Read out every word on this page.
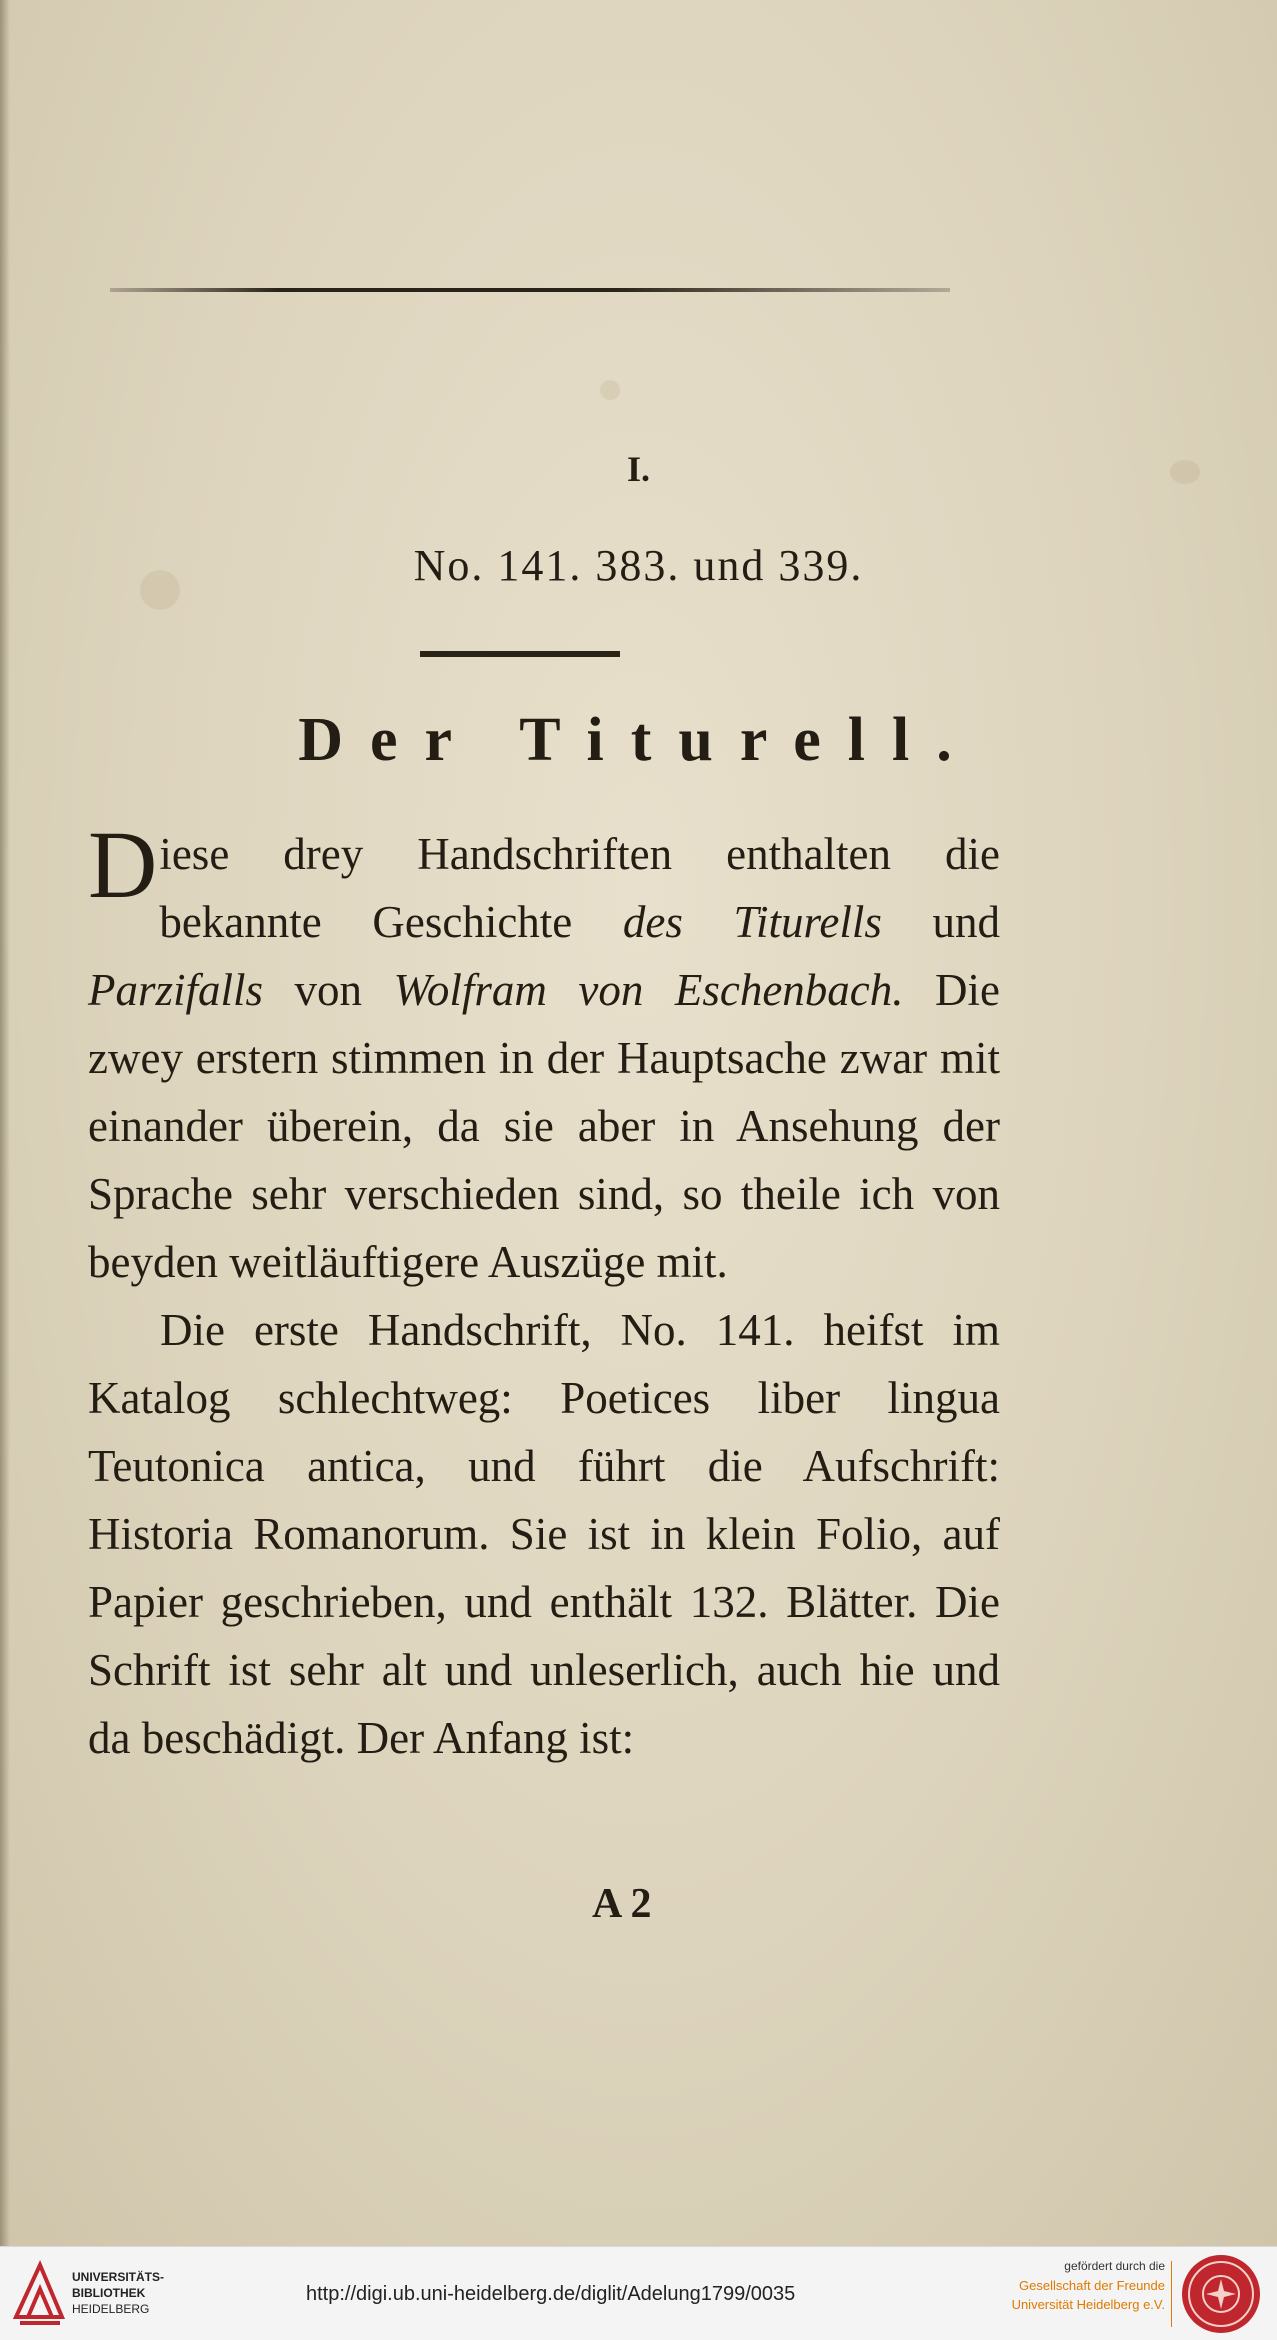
I.
No. 141. 383. und 339.
Der Titurell.

Diese drey Handschriften enthalten die bekannte Geschichte des Titurells und Parzifalls von Wolfram von Eschenbach. Die zwey erstern stimmen in der Hauptsache zwar mit einander überein, da sie aber in Ansehung der Sprache sehr verschieden sind, so theile ich von beyden weitläuftigere Auszüge mit.

Die erste Handschrift, No. 141. heifst im Katalog schlechtweg: Poetices liber lingua Teutonica antica, und führt die Aufschrift: Historia Romanorum. Sie ist in klein Folio, auf Papier geschrieben, und enthält 132. Blätter. Die Schrift ist sehr alt und unleserlich, auch hie und da beschädigt. Der Anfang ist:

A 2
UNIVERSITÄTS-
BIBLIOTHEK
HEIDELBERG
http://digi.ub.uni-heidelberg.de/diglit/Adelung1799/0035
gefördert durch die
Gesellschaft der Freunde
Universität Heidelberg e.V.
